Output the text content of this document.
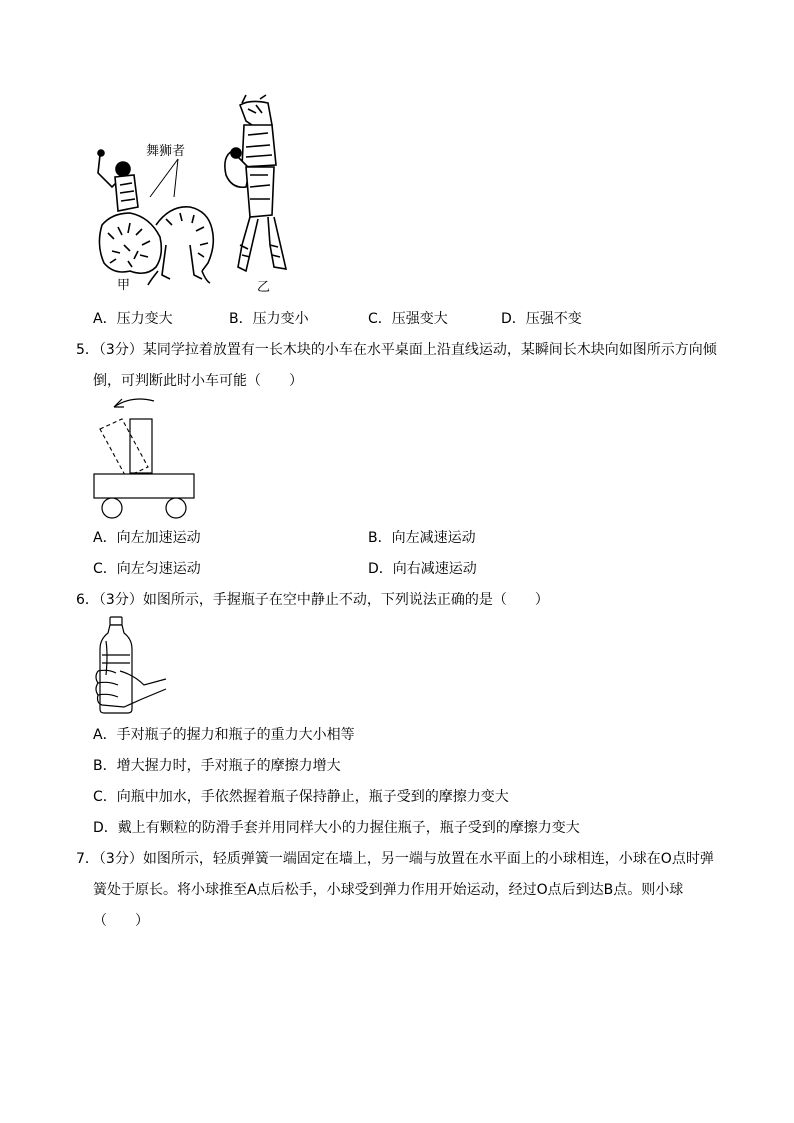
舞狮者
甲	乙
A．压力变大	B．压力变小	C．压强变大	D．压强不变
5．（3分）某同学拉着放置有一长木块的小车在水平桌面上沿直线运动，某瞬间长木块向如图所示方向倾
倒，可判断此时小车可能（　　）
A．向左加速运动	B．向左减速运动
C．向左匀速运动	D．向右减速运动
6．（3分）如图所示，手握瓶子在空中静止不动，下列说法正确的是（　　）
A．手对瓶子的握力和瓶子的重力大小相等
B．增大握力时，手对瓶子的摩擦力增大
C．向瓶中加水，手依然握着瓶子保持静止，瓶子受到的摩擦力变大
D．戴上有颗粒的防滑手套并用同样大小的力握住瓶子，瓶子受到的摩擦力变大
7．（3分）如图所示，轻质弹簧一端固定在墙上，另一端与放置在水平面上的小球相连，小球在O点时弹
簧处于原长。将小球推至A点后松手，小球受到弹力作用开始运动，经过O点后到达B点。则小球
（　　）
